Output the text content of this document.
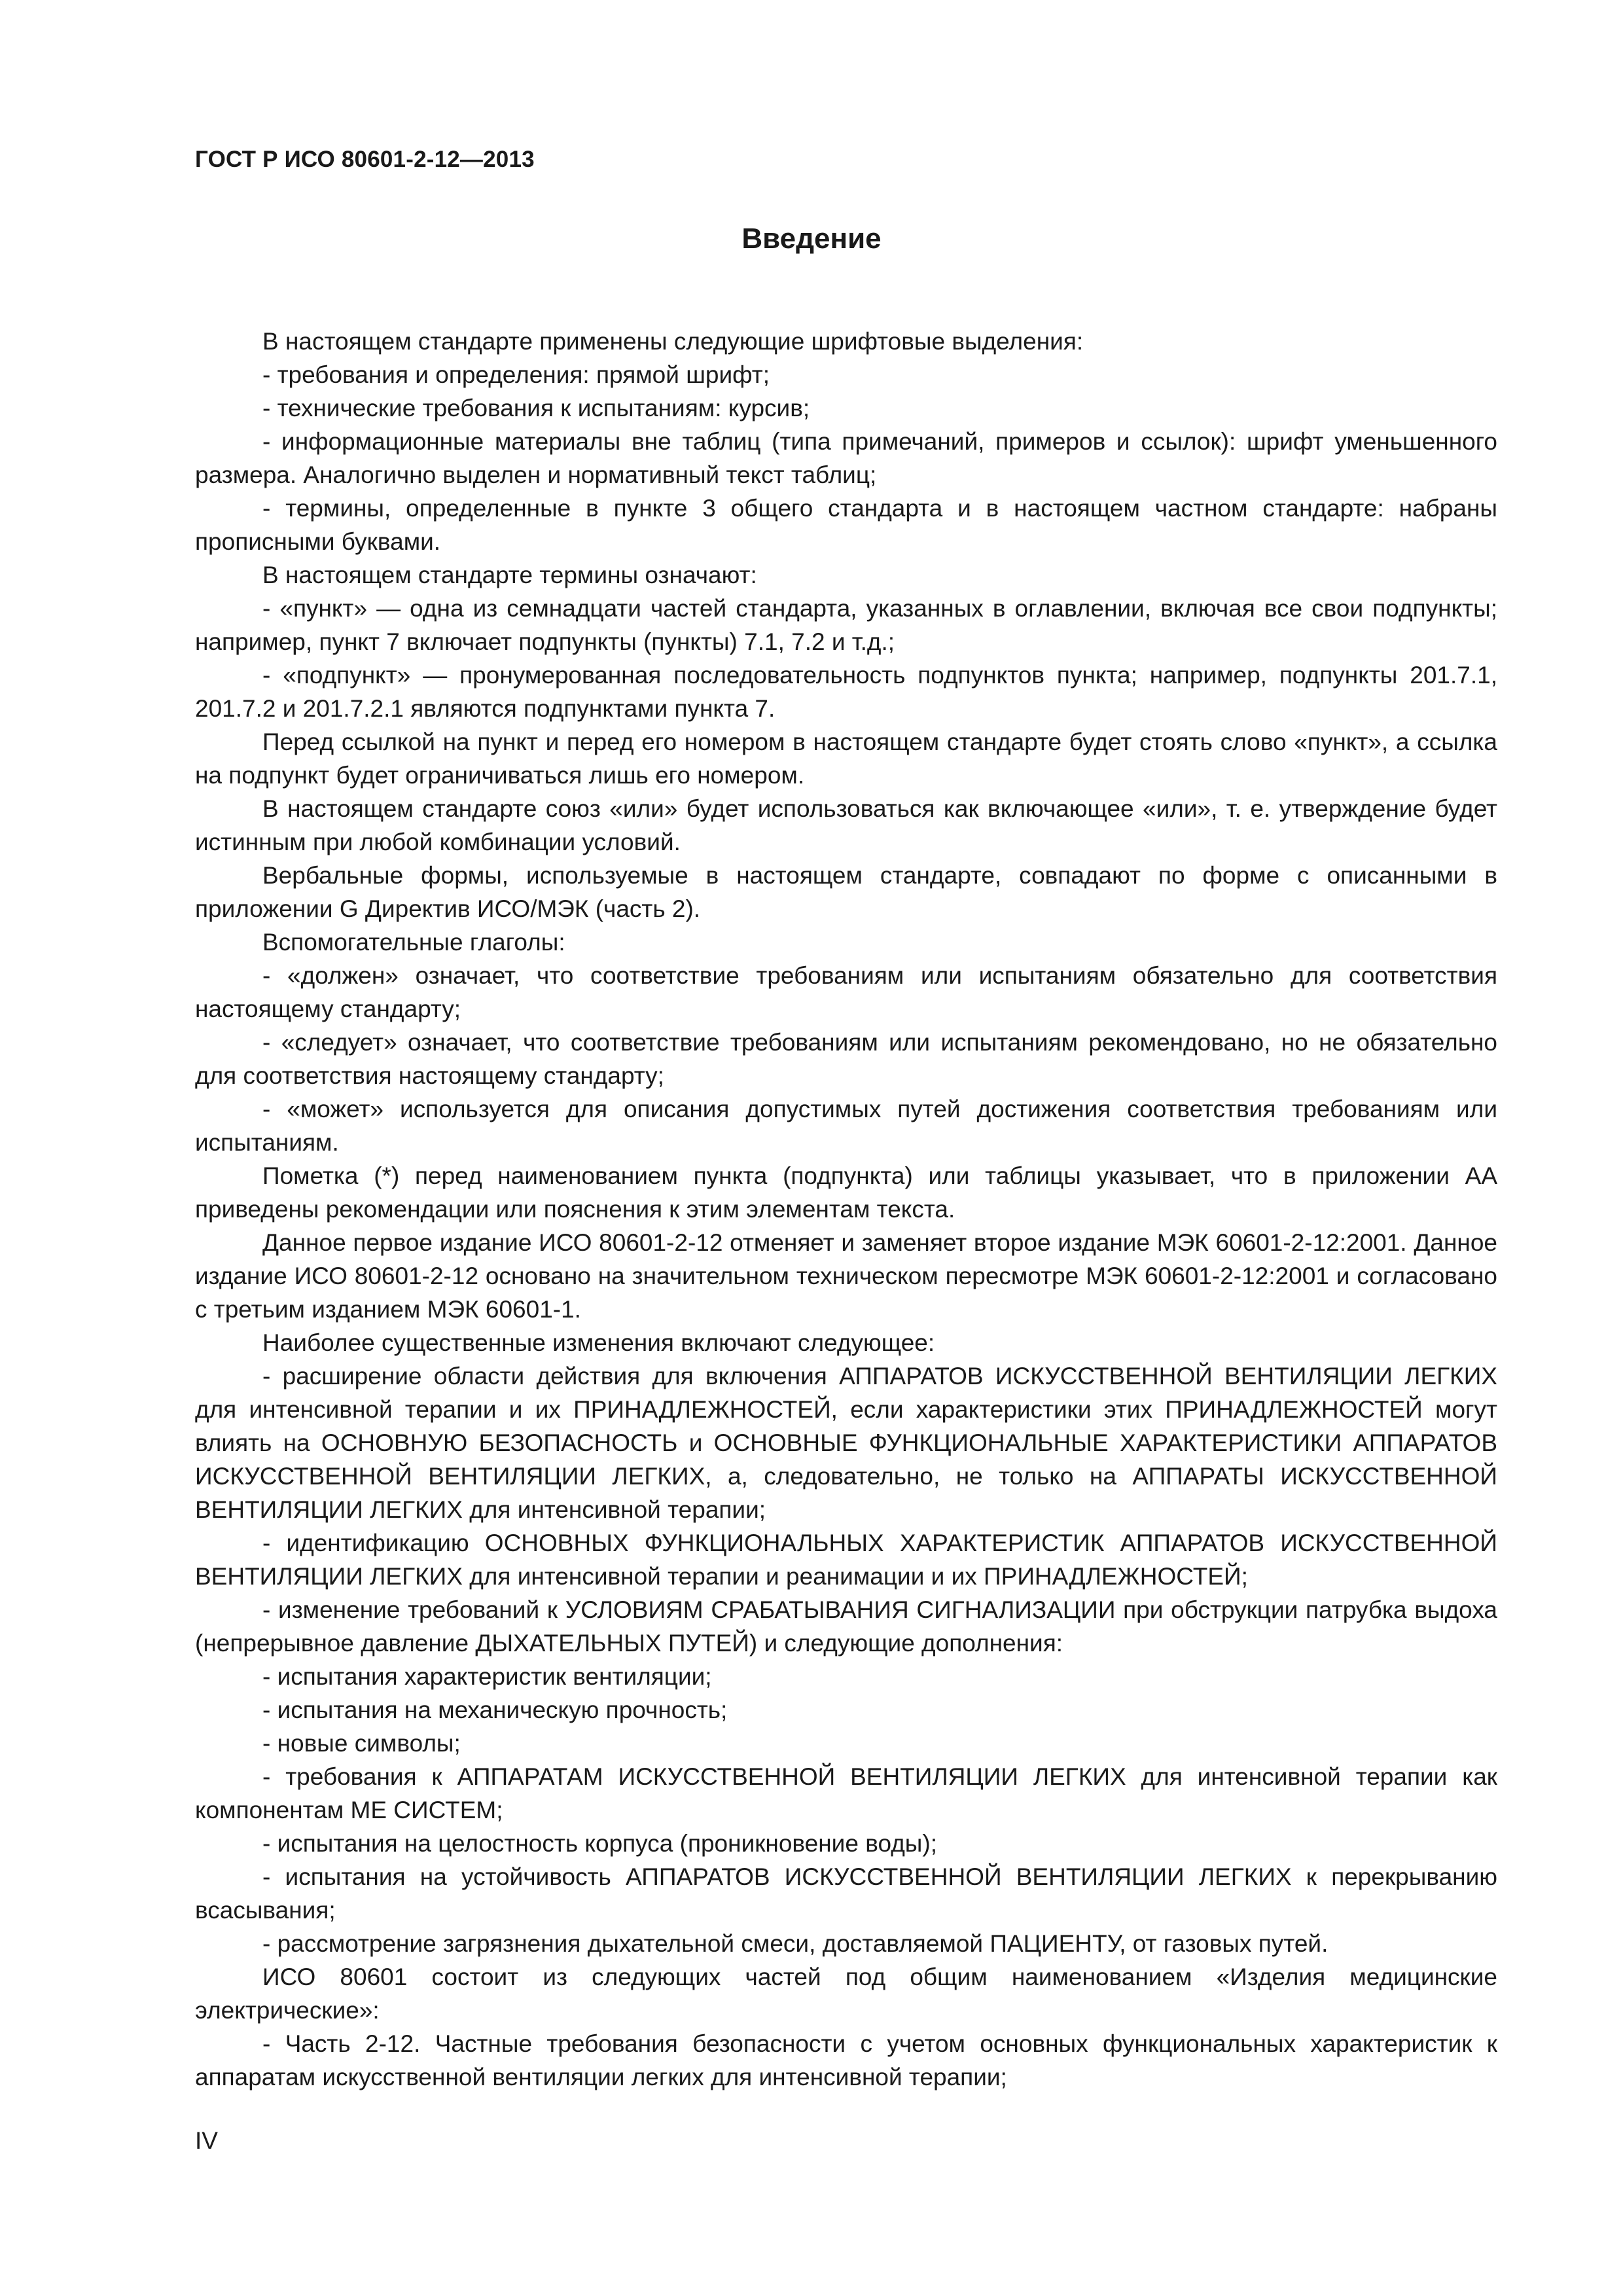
ГОСТ Р ИСО 80601-2-12—2013
Введение

В настоящем стандарте применены следующие шрифтовые выделения:

- требования и определения: прямой шрифт;

- технические требования к испытаниям: курсив;

- информационные материалы вне таблиц (типа примечаний, примеров и ссылок): шрифт уменьшенного размера. Аналогично выделен и нормативный текст таблиц;

- термины, определенные в пункте 3 общего стандарта и в настоящем частном стандарте: набраны прописными буквами.

В настоящем стандарте термины означают:

- «пункт» — одна из семнадцати частей стандарта, указанных в оглавлении, включая все свои подпункты; например, пункт 7 включает подпункты (пункты) 7.1, 7.2 и т.д.;

- «подпункт» — пронумерованная последовательность подпунктов пункта; например, подпункты 201.7.1, 201.7.2 и 201.7.2.1 являются подпунктами пункта 7.

Перед ссылкой на пункт и перед его номером в настоящем стандарте будет стоять слово «пункт», а ссылка на подпункт будет ограничиваться лишь его номером.

В настоящем стандарте союз «или» будет использоваться как включающее «или», т. е. утверждение будет истинным при любой комбинации условий.

Вербальные формы, используемые в настоящем стандарте, совпадают по форме с описанными в приложении G Директив ИСО/МЭК (часть 2).

Вспомогательные глаголы:

- «должен» означает, что соответствие требованиям или испытаниям обязательно для соответствия настоящему стандарту;

- «следует» означает, что соответствие требованиям или испытаниям рекомендовано, но не обязательно для соответствия настоящему стандарту;

- «может» используется для описания допустимых путей достижения соответствия требованиям или испытаниям.

Пометка (*) перед наименованием пункта (подпункта) или таблицы указывает, что в приложении АА приведены рекомендации или пояснения к этим элементам текста.

Данное первое издание ИСО 80601-2-12 отменяет и заменяет второе издание МЭК 60601-2-12:2001. Данное издание ИСО 80601-2-12 основано на значительном техническом пересмотре МЭК 60601-2-12:2001 и согласовано с третьим изданием МЭК 60601-1.

Наиболее существенные изменения включают следующее:

- расширение области действия для включения АППАРАТОВ ИСКУССТВЕННОЙ ВЕНТИЛЯЦИИ ЛЕГКИХ для интенсивной терапии и их ПРИНАДЛЕЖНОСТЕЙ, если характеристики этих ПРИНАДЛЕЖНОСТЕЙ могут влиять на ОСНОВНУЮ БЕЗОПАСНОСТЬ и ОСНОВНЫЕ ФУНКЦИОНАЛЬНЫЕ ХАРАКТЕРИСТИКИ АППАРАТОВ ИСКУССТВЕННОЙ ВЕНТИЛЯЦИИ ЛЕГКИХ, а, следовательно, не только на АППАРАТЫ ИСКУССТВЕННОЙ ВЕНТИЛЯЦИИ ЛЕГКИХ для интенсивной терапии;

- идентификацию ОСНОВНЫХ ФУНКЦИОНАЛЬНЫХ ХАРАКТЕРИСТИК АППАРАТОВ ИСКУССТВЕННОЙ ВЕНТИЛЯЦИИ ЛЕГКИХ для интенсивной терапии и реанимации и их ПРИНАДЛЕЖНОСТЕЙ;

- изменение требований к УСЛОВИЯМ СРАБАТЫВАНИЯ СИГНАЛИЗАЦИИ при обструкции патрубка выдоха (непрерывное давление ДЫХАТЕЛЬНЫХ ПУТЕЙ) и следующие дополнения:

- испытания характеристик вентиляции;

- испытания на механическую прочность;

- новые символы;

- требования к АППАРАТАМ ИСКУССТВЕННОЙ ВЕНТИЛЯЦИИ ЛЕГКИХ для интенсивной терапии как компонентам МЕ СИСТЕМ;

- испытания на целостность корпуса (проникновение воды);

- испытания на устойчивость АППАРАТОВ ИСКУССТВЕННОЙ ВЕНТИЛЯЦИИ ЛЕГКИХ к перекрыванию всасывания;

- рассмотрение загрязнения дыхательной смеси, доставляемой ПАЦИЕНТУ, от газовых путей.

ИСО 80601 состоит из следующих частей под общим наименованием «Изделия медицинские электрические»:

- Часть 2-12. Частные требования безопасности с учетом основных функциональных характеристик к аппаратам искусственной вентиляции легких для интенсивной терапии;

IV
